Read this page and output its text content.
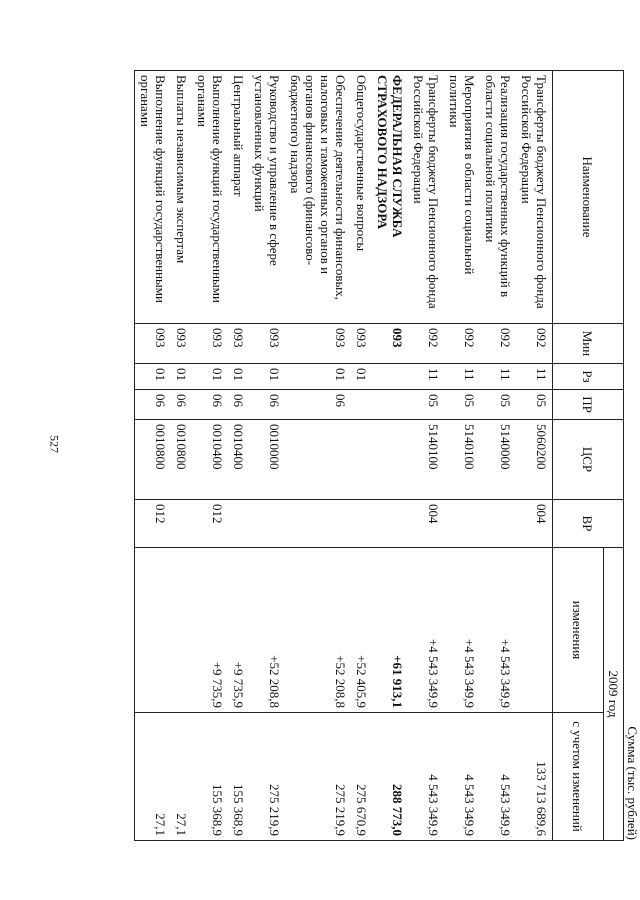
527
Сумма (тыс. рублей)
Наименование	Мин	Рз	ПР	ЦСР	ВР	2009 год	
						изменения	с учетом изменений
Трансферты бюджету Пенсионного фонда Российской Федерации	092	11	05	5060200	004		133 713 689,6
Реализация государственных функций в области социальной политики	092	11	05	5140000		+4 543 349,9	4 543 349,9
Мероприятия в области социальной политики	092	11	05	5140100		+4 543 349,9	4 543 349,9
Трансферты бюджету Пенсионного фонда Российской Федерации	092	11	05	5140100	004	+4 543 349,9	4 543 349,9
ФЕДЕРАЛЬНАЯ СЛУЖБА СТРАХОВОГО НАДЗОРА	093					+61 913,1	288 773,0
Общегосударственные вопросы	093	01				+52 405,9	275 670,9
Обеспечение деятельности финансовых, налоговых и таможенных органов и органов финансового (финансово-бюджетного) надзора	093	01	06			+52 208,8	275 219,9
Руководство и управление в сфере установленных функций	093	01	06	0010000		+52 208,8	275 219,9
Центральный аппарат	093	01	06	0010400		+9 735,9	155 368,9
Выполнение функций государственными органами	093	01	06	0010400	012	+9 735,9	155 368,9
Выплаты независимым экспертам	093	01	06	0010800			27,1
Выполнение функций государственными органами	093	01	06	0010800	012		27,1
